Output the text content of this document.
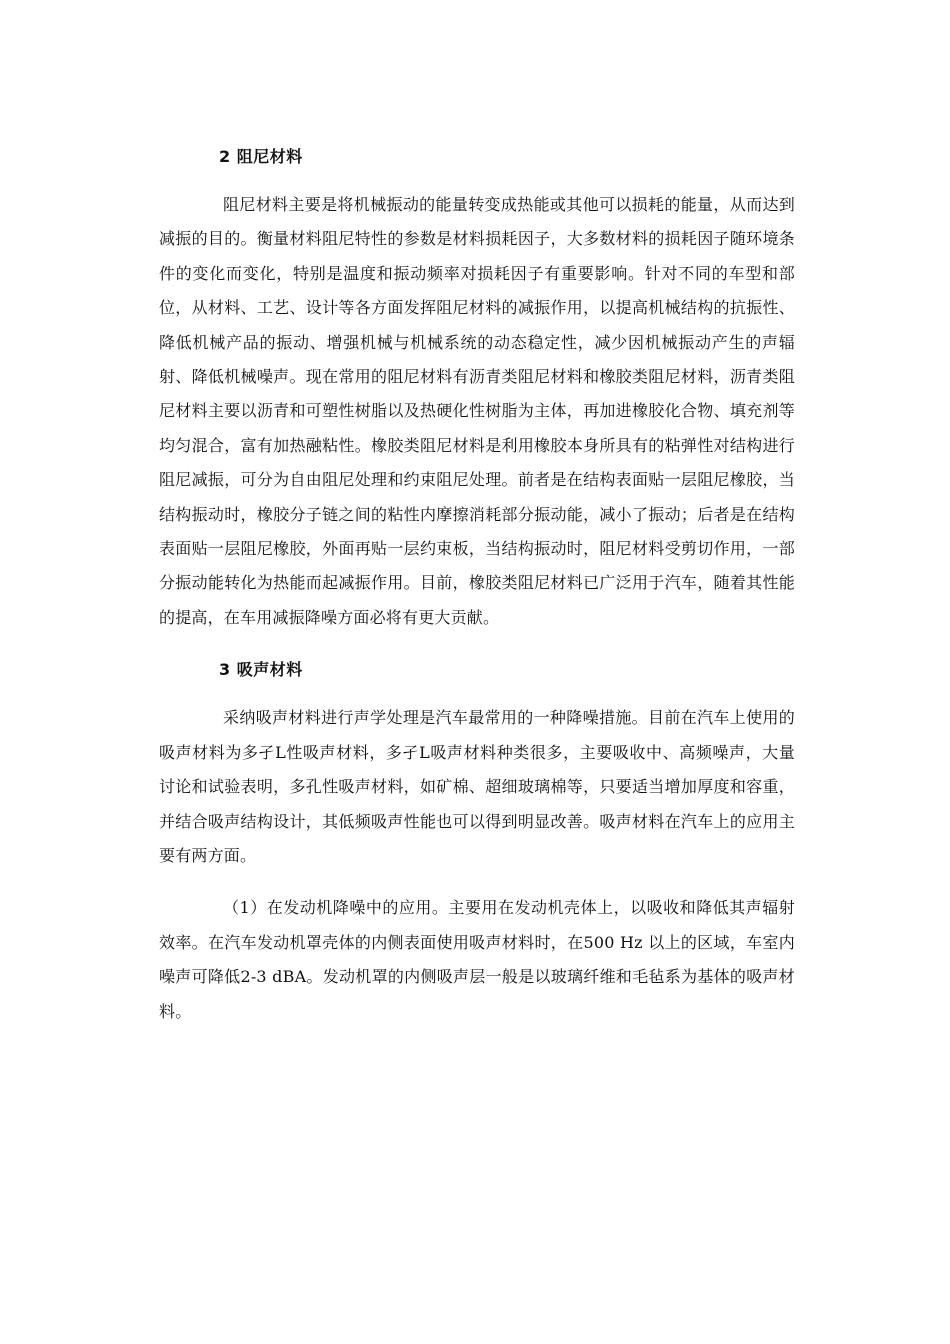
2 阻尼材料

阻尼材料主要是将机械振动的能量转变成热能或其他可以损耗的能量，从而达到减振的目的。衡量材料阻尼特性的参数是材料损耗因子，大多数材料的损耗因子随环境条件的变化而变化，特别是温度和振动频率对损耗因子有重要影响。针对不同的车型和部位，从材料、工艺、设计等各方面发挥阻尼材料的减振作用，以提高机械结构的抗振性、降低机械产品的振动、增强机械与机械系统的动态稳定性，减少因机械振动产生的声辐射、降低机械噪声。现在常用的阻尼材料有沥青类阻尼材料和橡胶类阻尼材料，沥青类阻尼材料主要以沥青和可塑性树脂以及热硬化性树脂为主体，再加进橡胶化合物、填充剂等均匀混合，富有加热融粘性。橡胶类阻尼材料是利用橡胶本身所具有的粘弹性对结构进行阻尼减振，可分为自由阻尼处理和约束阻尼处理。前者是在结构表面贴一层阻尼橡胶，当结构振动时，橡胶分子链之间的粘性内摩擦消耗部分振动能，减小了振动；后者是在结构表面贴一层阻尼橡胶，外面再贴一层约束板，当结构振动时，阻尼材料受剪切作用，一部分振动能转化为热能而起减振作用。目前，橡胶类阻尼材料已广泛用于汽车，随着其性能的提高，在车用减振降噪方面必将有更大贡献。

3 吸声材料

采纳吸声材料进行声学处理是汽车最常用的一种降噪措施。目前在汽车上使用的吸声材料为多孑L性吸声材料，多孑L吸声材料种类很多，主要吸收中、高频噪声，大量讨论和试验表明，多孔性吸声材料，如矿棉、超细玻璃棉等，只要适当增加厚度和容重，并结合吸声结构设计，其低频吸声性能也可以得到明显改善。吸声材料在汽车上的应用主要有两方面。

（1）在发动机降噪中的应用。主要用在发动机壳体上，以吸收和降低其声辐射效率。在汽车发动机罩壳体的内侧表面使用吸声材料时，在500 Hz 以上的区域，车室内噪声可降低2-3 dBA。发动机罩的内侧吸声层一般是以玻璃纤维和毛毡系为基体的吸声材料。
